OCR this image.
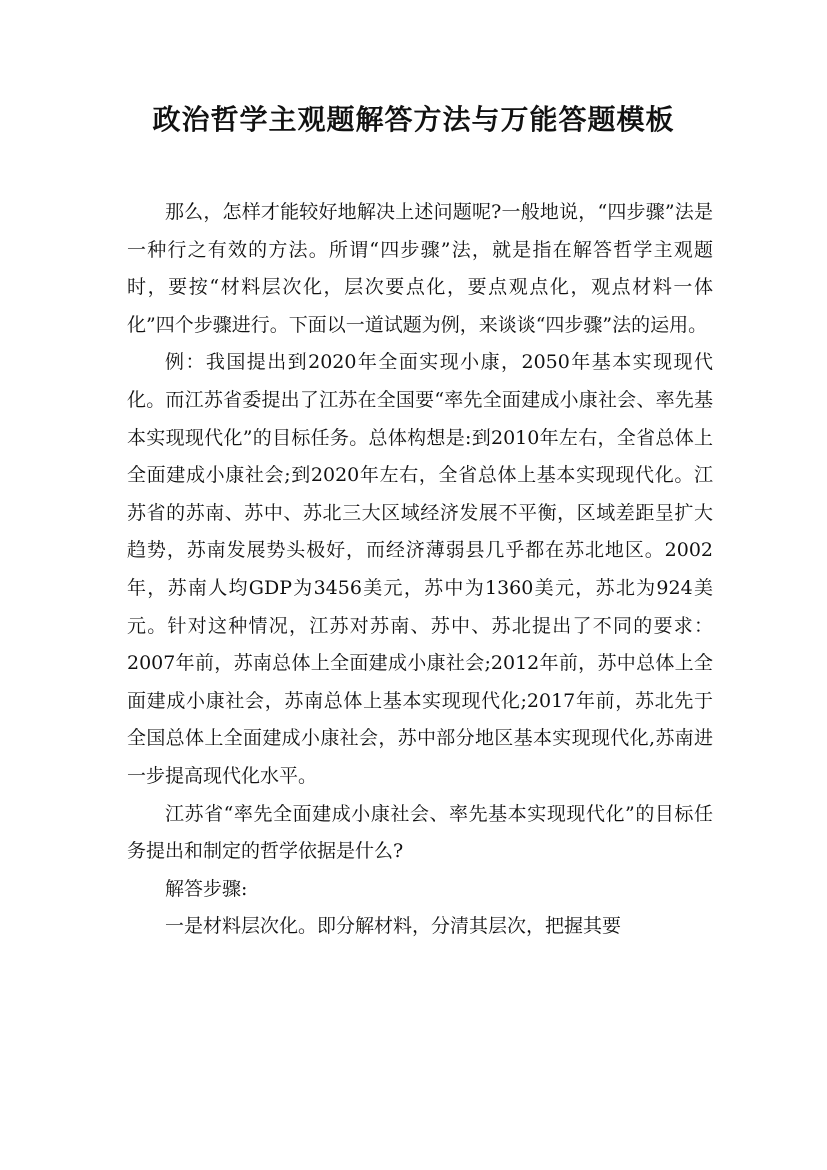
政治哲学主观题解答方法与万能答题模板

那么，怎样才能较好地解决上述问题呢?一般地说，“四步骤”法是一种行之有效的方法。所谓“四步骤”法，就是指在解答哲学主观题时，要按“材料层次化，层次要点化，要点观点化，观点材料一体化”四个步骤进行。下面以一道试题为例，来谈谈“四步骤”法的运用。

例：我国提出到2020年全面实现小康，2050年基本实现现代化。而江苏省委提出了江苏在全国要“率先全面建成小康社会、率先基本实现现代化”的目标任务。总体构想是:到2010年左右，全省总体上全面建成小康社会;到2020年左右，全省总体上基本实现现代化。江苏省的苏南、苏中、苏北三大区域经济发展不平衡，区域差距呈扩大趋势，苏南发展势头极好，而经济薄弱县几乎都在苏北地区。2002年，苏南人均GDP为3456美元，苏中为1360美元，苏北为924美元。针对这种情况，江苏对苏南、苏中、苏北提出了不同的要求：2007年前，苏南总体上全面建成小康社会;2012年前，苏中总体上全面建成小康社会，苏南总体上基本实现现代化;2017年前，苏北先于全国总体上全面建成小康社会，苏中部分地区基本实现现代化,苏南进一步提高现代化水平。

江苏省“率先全面建成小康社会、率先基本实现现代化”的目标任务提出和制定的哲学依据是什么?

解答步骤:

一是材料层次化。即分解材料，分清其层次，把握其要
